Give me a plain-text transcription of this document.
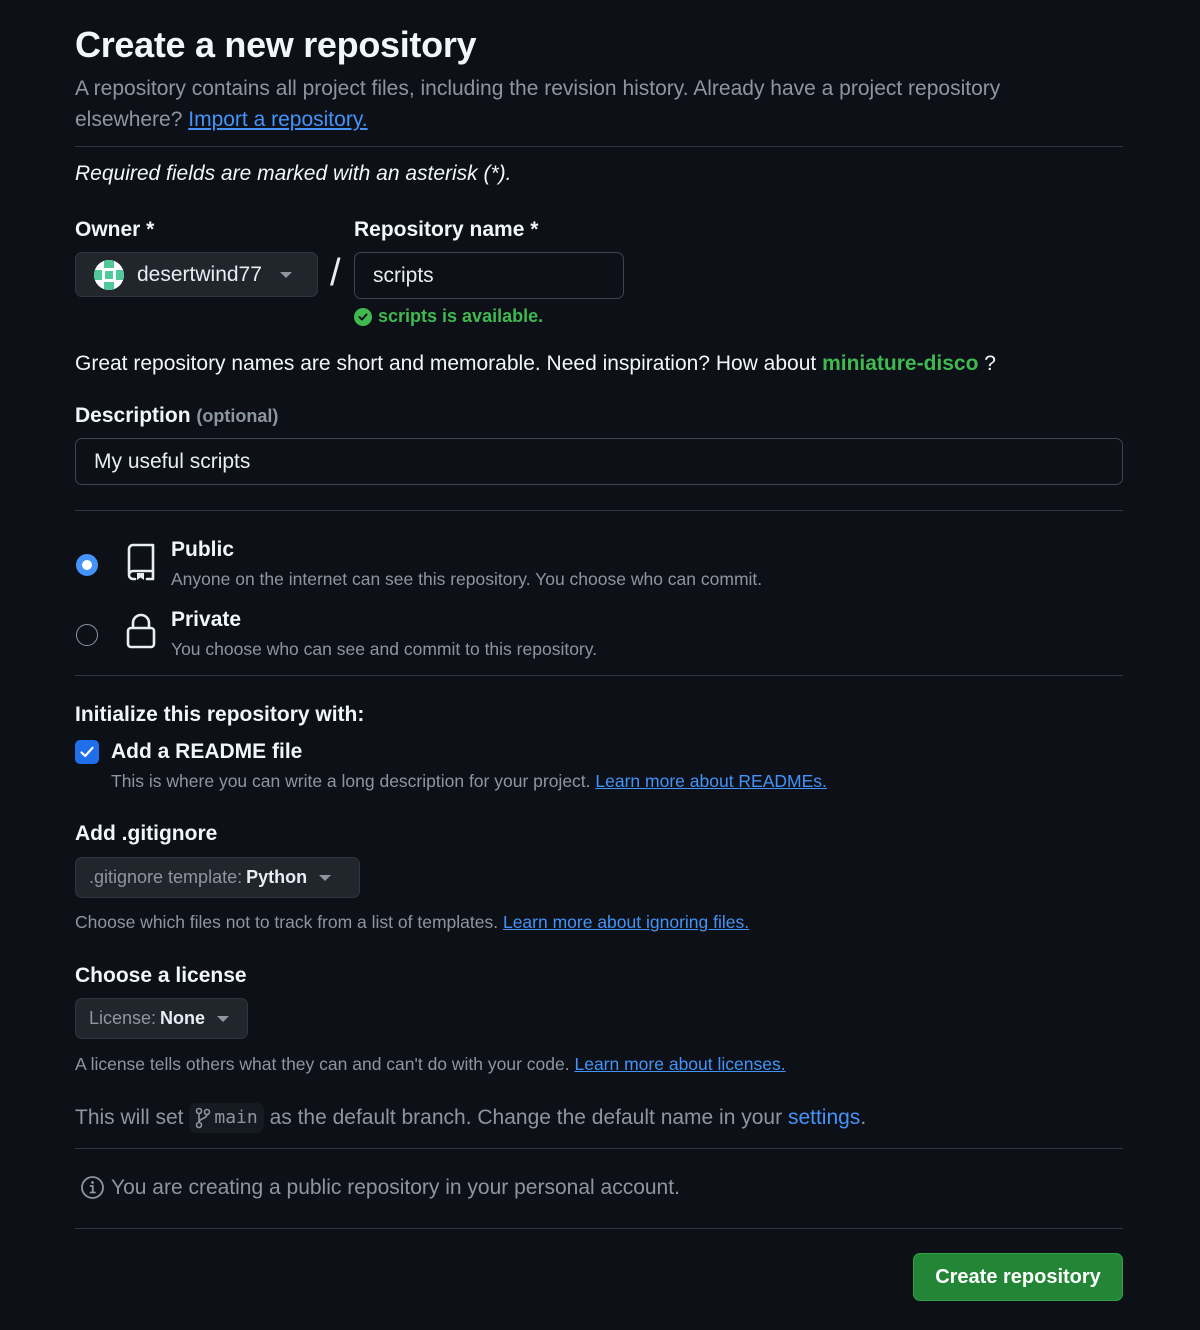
Create a new repository
A repository contains all project files, including the revision history. Already have a project repository elsewhere? Import a repository.
Required fields are marked with an asterisk (*).
Owner *
desertwind77 /
Repository name *
scripts
scripts is available.
Great repository names are short and memorable. Need inspiration? How about miniature-disco ?
Description (optional)
My useful scripts
Public
Anyone on the internet can see this repository. You choose who can commit.
Private
You choose who can see and commit to this repository.
Initialize this repository with:
Add a README file
This is where you can write a long description for your project. Learn more about READMEs.
Add .gitignore
.gitignore template: Python
Choose which files not to track from a list of templates. Learn more about ignoring files.
Choose a license
License: None
A license tells others what they can and can't do with your code. Learn more about licenses.
This will set main as the default branch. Change the default name in your settings.
You are creating a public repository in your personal account.
Create repository
